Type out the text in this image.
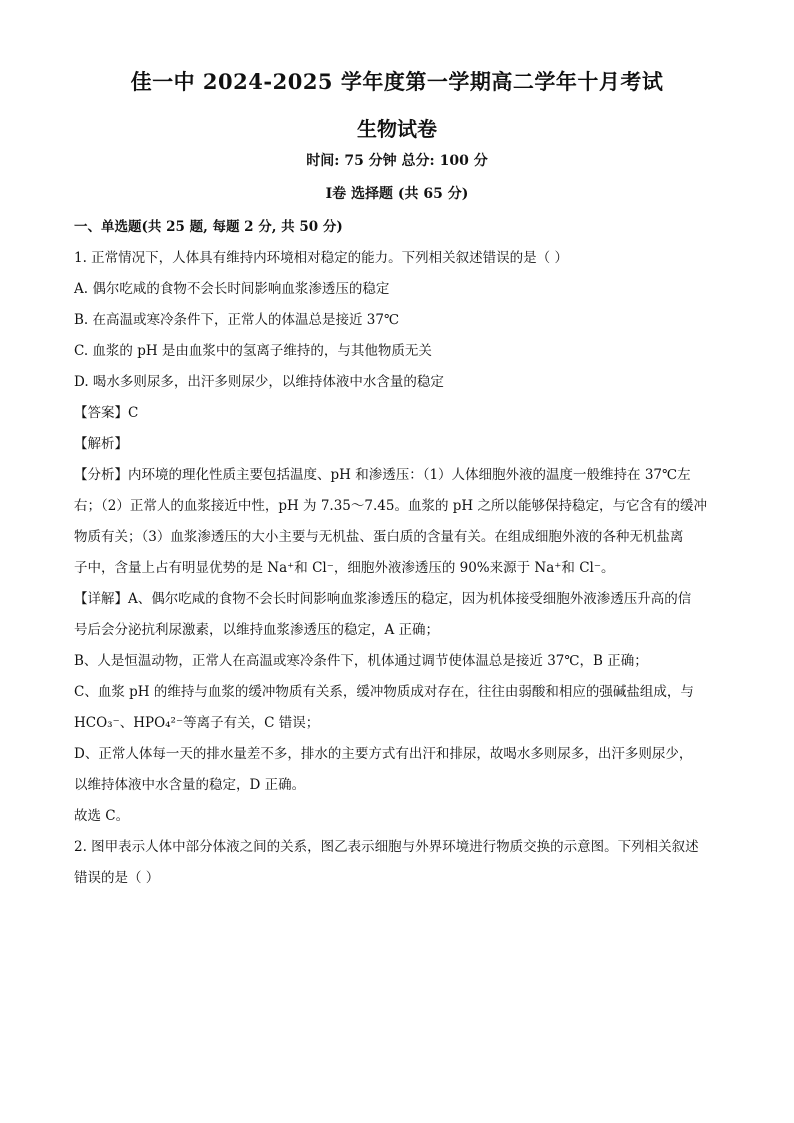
佳一中 2024-2025 学年度第一学期高二学年十月考试
生物试卷
时间: 75 分钟 总分: 100 分
Ⅰ卷 选择题 (共 65 分)
一、单选题(共 25 题, 每题 2 分, 共 50 分)
1. 正常情况下，人体具有维持内环境相对稳定的能力。下列相关叙述错误的是（ ）
A. 偶尔吃咸的食物不会长时间影响血浆渗透压的稳定
B. 在高温或寒冷条件下，正常人的体温总是接近 37℃
C. 血浆的 pH 是由血浆中的氢离子维持的，与其他物质无关
D. 喝水多则尿多，出汗多则尿少，以维持体液中水含量的稳定
【答案】C
【解析】
【分析】内环境的理化性质主要包括温度、pH 和渗透压：（1）人体细胞外液的温度一般维持在 37℃左
右；（2）正常人的血浆接近中性，pH 为 7.35～7.45。血浆的 pH 之所以能够保持稳定，与它含有的缓冲
物质有关；（3）血浆渗透压的大小主要与无机盐、蛋白质的含量有关。在组成细胞外液的各种无机盐离
子中，含量上占有明显优势的是 Na⁺和 Cl⁻，细胞外液渗透压的 90%来源于 Na⁺和 Cl⁻。
【详解】A、偶尔吃咸的食物不会长时间影响血浆渗透压的稳定，因为机体接受细胞外液渗透压升高的信
号后会分泌抗利尿激素，以维持血浆渗透压的稳定，A 正确；
B、人是恒温动物，正常人在高温或寒冷条件下，机体通过调节使体温总是接近 37℃，B 正确；
C、血浆 pH 的维持与血浆的缓冲物质有关系，缓冲物质成对存在，往往由弱酸和相应的强碱盐组成，与
HCO₃⁻、HPO₄²⁻等离子有关，C 错误；
D、正常人体每一天的排水量差不多，排水的主要方式有出汗和排尿，故喝水多则尿多，出汗多则尿少，
以维持体液中水含量的稳定，D 正确。
故选 C。
2. 图甲表示人体中部分体液之间的关系，图乙表示细胞与外界环境进行物质交换的示意图。下列相关叙述
错误的是（ ）
